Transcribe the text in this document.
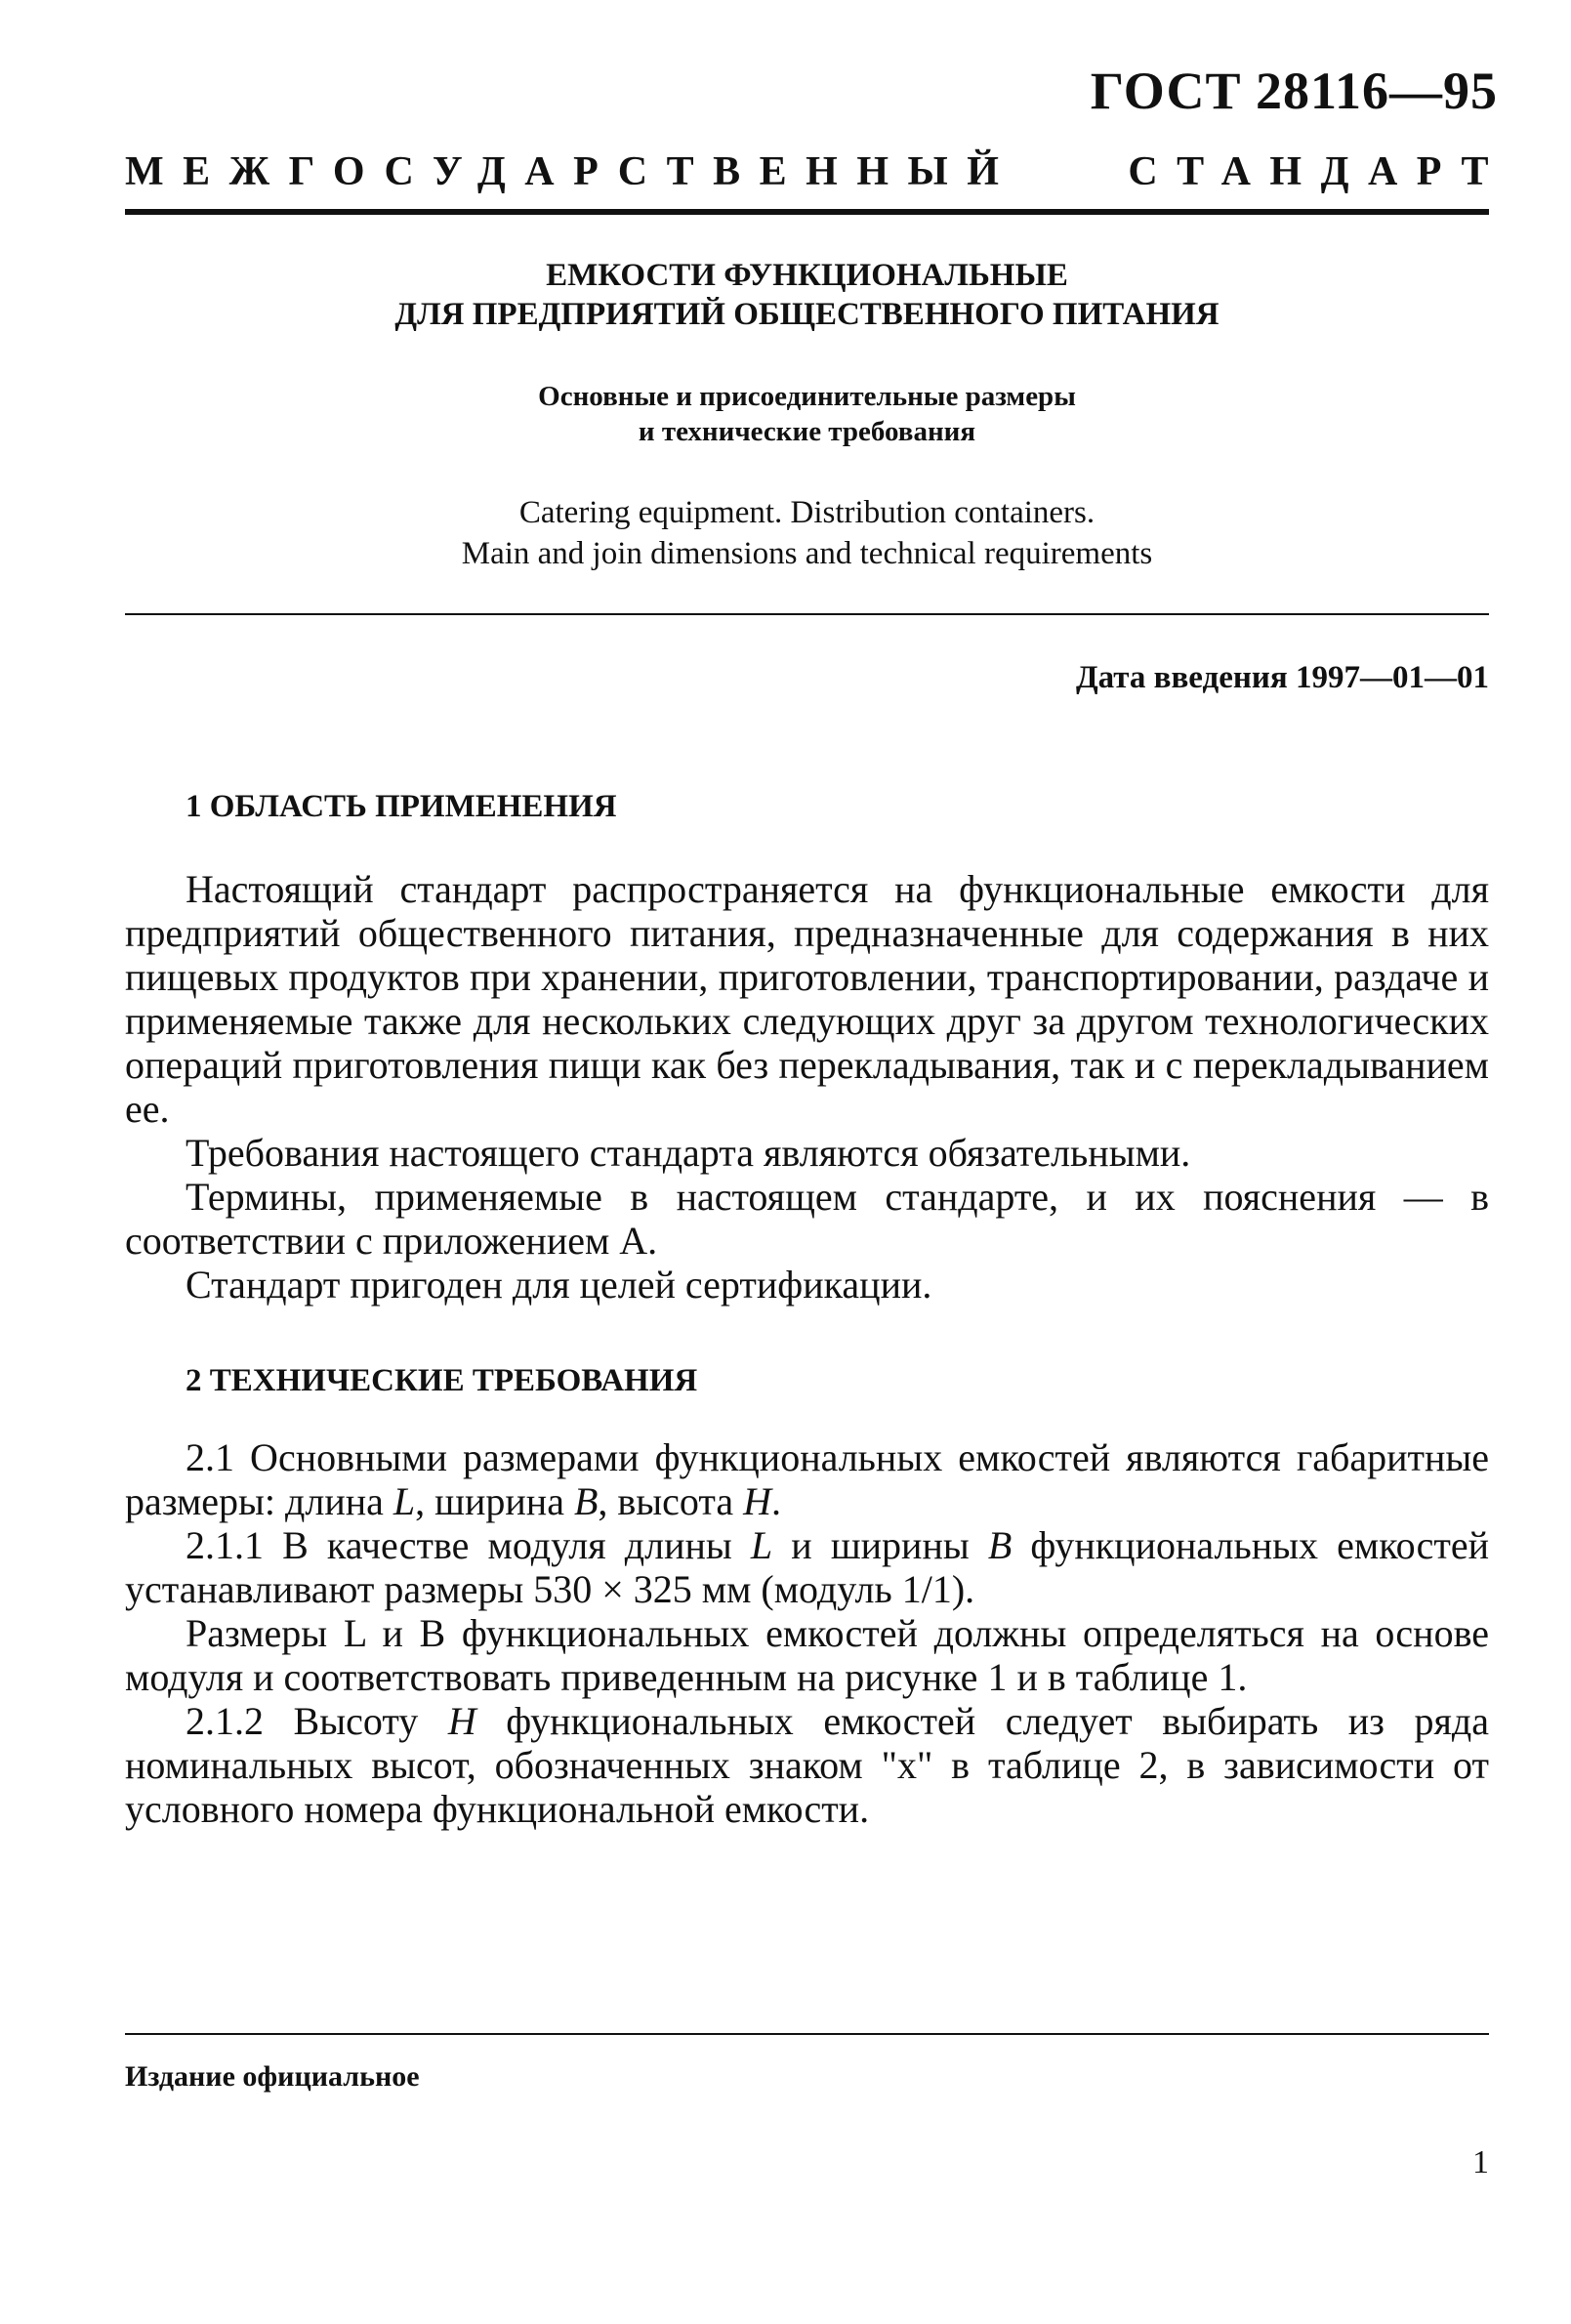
ГОСТ 28116—95
МЕЖГОСУДАРСТВЕННЫЙ	СТАНДАРТ
ЕМКОСТИ ФУНКЦИОНАЛЬНЫЕ
ДЛЯ ПРЕДПРИЯТИЙ ОБЩЕСТВЕННОГО ПИТАНИЯ
Основные и присоединительные размеры
и технические требования
Catering equipment. Distribution containers.
Main and join dimensions and technical requirements
Дата введения 1997—01—01
1 ОБЛАСТЬ ПРИМЕНЕНИЯ

Настоящий стандарт распространяется на функциональные емкости для предприятий общественного питания, предназначенные для содержания в них пищевых продуктов при хранении, приготовлении, транспортировании, раздаче и применяемые также для нескольких следующих друг за другом технологических операций приготовления пищи как без перекладывания, так и с перекладыванием ее.

Требования настоящего стандарта являются обязательными.

Термины, применяемые в настоящем стандарте, и их пояснения — в соответствии с приложением А.

Стандарт пригоден для целей сертификации.

2 ТЕХНИЧЕСКИЕ ТРЕБОВАНИЯ

2.1 Основными размерами функциональных емкостей являются габаритные размеры: длина L, ширина B, высота H.

2.1.1 В качестве модуля длины L и ширины B функциональных емкостей устанавливают размеры 530 × 325 мм (модуль 1/1).

Размеры L и B функциональных емкостей должны определяться на основе модуля и соответствовать приведенным на рисунке 1 и в таблице 1.

2.1.2 Высоту H функциональных емкостей следует выбирать из ряда номинальных высот, обозначенных знаком "х" в таблице 2, в зависимости от условного номера функциональной емкости.

Издание официальное
1
